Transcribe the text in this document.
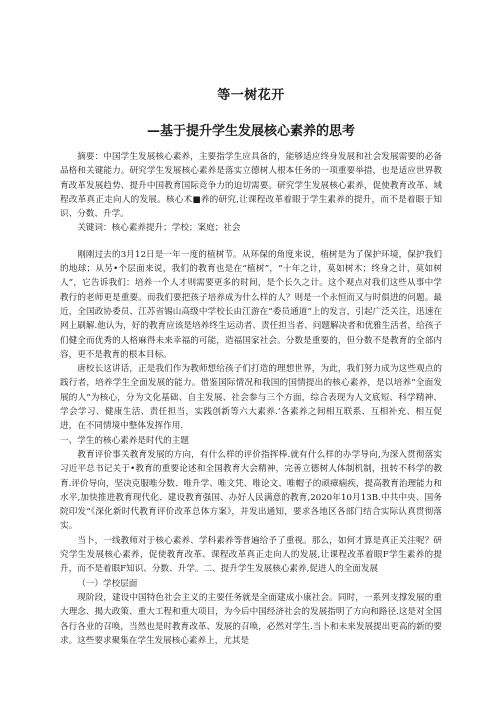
等一树花开

—基于提升学生发展核心素养的思考

摘要：中国学生发展核心素养，主要指学生应具备的，能够适应终身发展和社会发展需要的必备品格和关键能力。研究学生发展核心素养是落实立德树人根本任务的一项重要举措，也是适应世界教育改革发展趋势、提升中国教育国际竞争力的迫切需要。研究学生发展核心素养，促使教育改革、域程改革真正走向人的发展。核心术■养的研究,让课程改革着眼于学生素养的提升，而不是着眼于知识、分数、升学。

关键词：核心素养提升；学校；案庭；社会

刚刚过去的3月12日是一年一度的植树节。从环保的角度来说，植树是为了保护环境，保护我们的地球；从另•个层面来说，我们的教育也是在“植树”，“十年之计，莫如树木；终身之计，莫如树人”，它告诉我们：培养一个人才则需要更多的时间，是个长久之计。这个观点对我们这些从事中学教行的老师更是重要。而我们要把孩子培养成为什么样的人？则是一个永恒而又与时俱进的问题。最近，全国政协委员、江苏省锡山高级中学校长由江游在“委员通道”上的发言，引起广泛关注，迅速在网上刷解.他认为，好的教育应该是培养终生运动者、责任担当者、问题解决者和优雅生活者，给孩子们健全而优秀的人格麻得未来幸福的可能，造福国家社会。分数是重要的，但分数不是教育的全部内容，更不是教育的根本目标。

唐校长这讲话，正是我们作为教师想给孩子们打造的理想世界，为此，我们努力成为这些观点的践行者，培养学生全面发展的能力。借鉴国际情况和我国的国情提出的核心素养，是以培养“全面发展的人”为核心，分为文化基础、自主发展、社会参与三个方面，综合表现为人文底短、科学精神、学会学习、健康生活、责任担当，实践创新等六大素养.’各素养之间相互联系、互相补充、相互促进，在不同情境中整体发挥作用.

一、学生的核心素养是时代的主题

教育评价事关教育发展的方向，有什么样的评价指挥棒.就有什么样的办学导向,为深入贯彻落实习近平总书记关于•教育的重要论述和全国教育大会精神，完善立德树人体制机制，扭转不科学的教育.评价导向，坚决克服唯分数、唯升学、唯文凭、唯论文、唯帽子的顽瘴痼疾，提高教育治理能力和水平,加快推进教育现代化、建设教育强国、办好人民满意的教育,2020年10月13B.中共中央、国务院印发“《深化新时代教育评价改革总体方案》，并发出通知，要求各地区各部门结合实际认真贯彻落实。

当卜，一线教师对于核心素养、学科素养等普遍给予了重视。那么，如何才算是真正关注呢？研究学生发展核心素养，促使教育改革、课程改革真正走向人的发展,让课程改革着眼F学生素养的提升，而不是着眼F知识、分数、升学。二、提升学生发展核心素养,促进人的全面发展

（一）学校层面

现阶段，建设中国特色社会主义的主要任务就是全面建成小康社会。同时，一系列支撑发展的重大理念、揭大政策、重大工程和重大项目，为今后中国经济社会的发展指明了方向和路径.这是对全国各行各业的召唤，当然也是时教育改革、发展的召唤，必然对学生.当卜和未来发展提出更高的新的要求。这些要求聚集在学生发展核心素养上，尤其是
